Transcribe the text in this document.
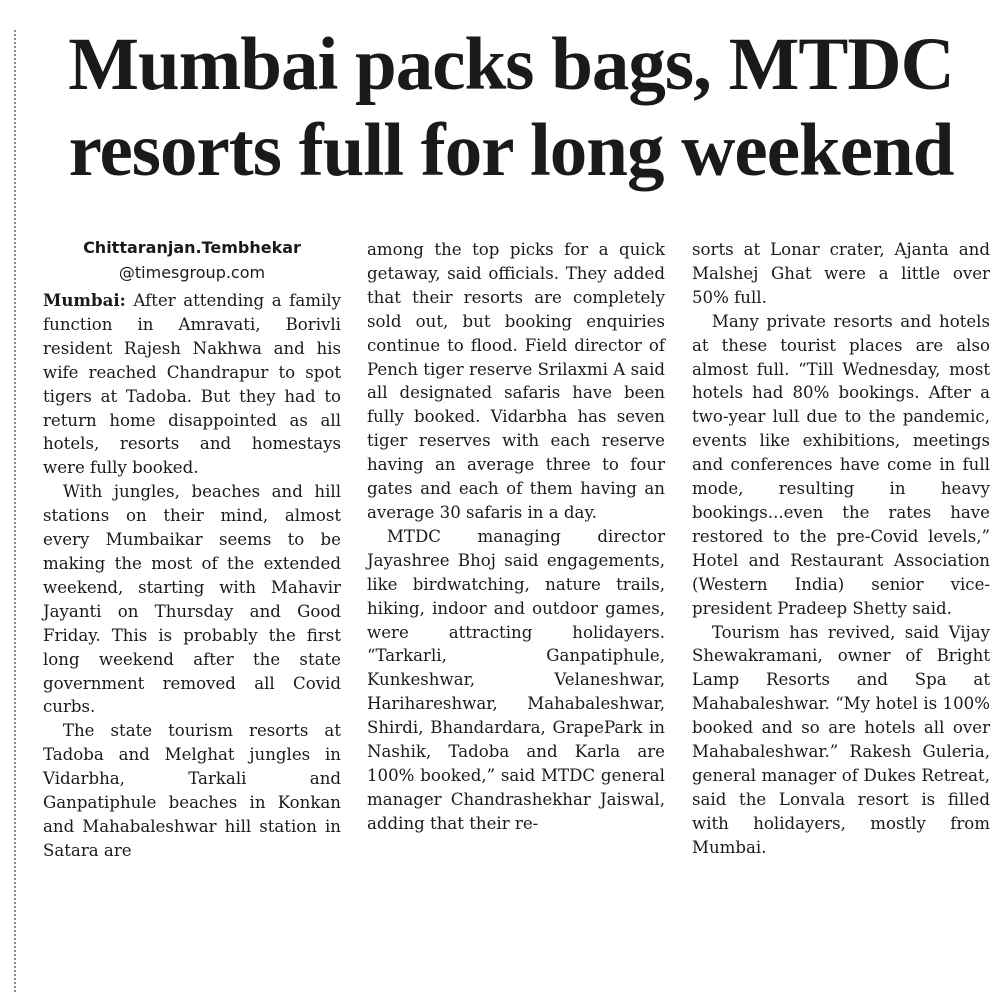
Mumbai packs bags, MTDC
resorts full for long weekend
Chittaranjan.Tembhekar
@timesgroup.com

Mumbai: After attending a family function in Amravati, Borivli resident Rajesh Nakhwa and his wife reached Chandrapur to spot tigers at Tadoba. But they had to return home disappointed as all hotels, resorts and homestays were fully booked.

With jungles, beaches and hill stations on their mind, almost every Mumbaikar seems to be making the most of the extended weekend, starting with Mahavir Jayanti on Thursday and Good Friday. This is probably the first long weekend after the state government removed all Covid curbs.

The state tourism resorts at Tadoba and Melghat jungles in Vidarbha, Tarkali and Ganpatiphule beaches in Konkan and Mahabaleshwar hill station in Satara are

among the top picks for a quick getaway, said officials. They added that their resorts are completely sold out, but booking enquiries continue to flood. Field director of Pench tiger reserve Srilaxmi A said all designated safaris have been fully booked. Vidarbha has seven tiger reserves with each reserve having an average three to four gates and each of them having an average 30 safaris in a day.

MTDC managing director Jayashree Bhoj said engagements, like birdwatching, nature trails, hiking, indoor and outdoor games, were attracting holidayers. “Tarkarli, Ganpatiphule, Kunkeshwar, Velaneshwar, Harihareshwar, Mahabaleshwar, Shirdi, Bhandardara, GrapePark in Nashik, Tadoba and Karla are 100% booked,” said MTDC general manager Chandrashekhar Jaiswal, adding that their re-

sorts at Lonar crater, Ajanta and Malshej Ghat were a little over 50% full.

Many private resorts and hotels at these tourist places are also almost full. “Till Wednesday, most hotels had 80% bookings. After a two-year lull due to the pandemic, events like exhibitions, meetings and conferences have come in full mode, resulting in heavy bookings...even the rates have restored to the pre-Covid levels,” Hotel and Restaurant Association (Western India) senior vice-president Pradeep Shetty said.

Tourism has revived, said Vijay Shewakramani, owner of Bright Lamp Resorts and Spa at Mahabaleshwar. “My hotel is 100% booked and so are hotels all over Mahabaleshwar.” Rakesh Guleria, general manager of Dukes Retreat, said the Lonvala resort is filled with holidayers, mostly from Mumbai.
